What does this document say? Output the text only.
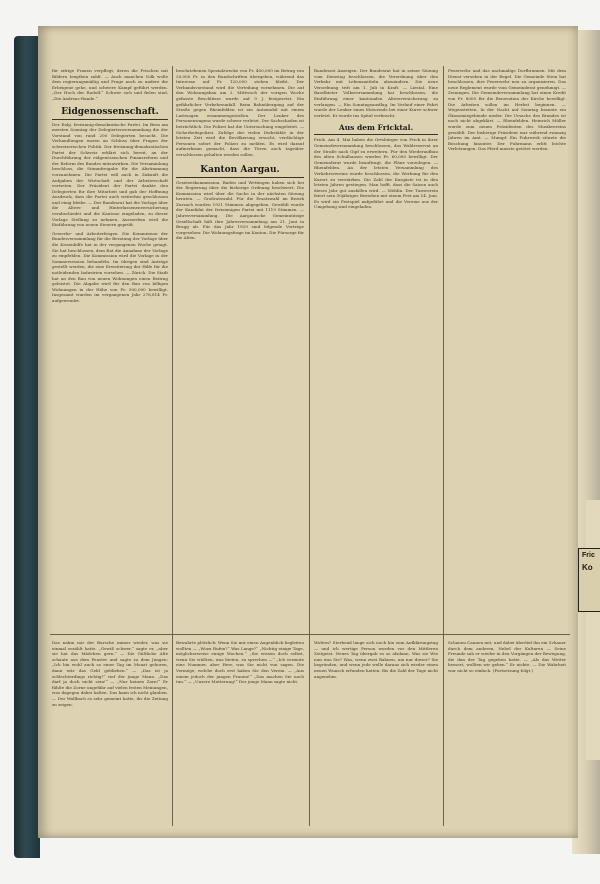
für eifrige Frauen verpflegt, deren die Frischen mit Bildern lengthen zahlt. — Auch manchen Volk wolle dem regierungsmäßig und Frage auch zu andere die Erbeigene gehe, und schwere Kampf geführt werden. „Der Hoch der Rudolf.“ Schwer sich und fielen sind, „Die Andreas-Runde.“

Eidgenossenschaft.

Der Eidg. freisinnig-demokratische Partei. Im Bern am meisten Sonntag der Delegiertenversammlung die der Vorstand von rund 200 Delegierten besucht. Die Verhandlungen waren an Schluss über Fragen der schweizerischen Politik. Der freisinnig-demokratischen Partei der Schweiz erklärt sich bereit, an der Durchführung der eidgenössischen Finanzreform und der Reform des Bundes mitzuwirken. Die Versammlung beschloss, die Stimmfreigabe für die Abstimmung vorzunehmen. Die Partei will auch in Zukunft die Aufgaben der Wirtschaft und der Arbeiterschaft vertreten. Der Präsident der Partei dankte den Delegierten für ihre Mitarbeit und gab der Hoffnung Ausdruck, dass die Partei auch weiterhin geschlossen und einig bleibe. — Der Bundesrat hat die Vorlage über die Alters- und Hinterlassenenversicherung verabschiedet und die Kantone eingeladen, zu dieser Vorlage Stellung zu nehmen. Ausserdem wird die Einführung von neuen Steuern geprüft.

Gewerbe- und Arbeiterfragen. Die Kommission der Bundesversammlung für die Beratung der Vorlage über die Krisenhilfe hat in der vergangenen Woche getagt. Sie hat beschlossen, dem Rat die Annahme der Vorlage zu empfehlen. Die Kommission wird die Vorlage in der Sommersession behandeln. Im übrigen sind Anträge gestellt worden, die eine Erweiterung der Hilfe für die notleidenden Industrien vorsehen. — Zürich. Die Stadt hat an den Bau von neuen Wohnungen einen Beitrag geleistet. Die Abgabe wird für den Bau von billigen Wohnungen in der Höhe von Fr. 500,000 bewilligt. Insgesamt wurden im vergangenen Jahr 278,814 Fr. aufgewendet.

beschriebenen Spezialzwecke von Fr. 400,000 im Betrag von 20,000 Fr. in den Rundschriften übergeben, während das Interesse auf Fr. 120,000 stehen bleibt. Der Verbandsvorstand wird die Verteilung vornehmen. Die auf den Wohnungsbau am 2. Mittwoch der vorigen Woche gefasste Beschlüsse wurde auf 9 J. festgesetzt. Ein gefährlicher Verkehrsunfall. Beim Bahnübergang auf der Straße gegen Rheinfelden ist ein Automobil mit einem Lastwagen zusammengestoßen. Der Lenker des Personenwagens wurde schwer verletzt. Der Sachschaden ist beträchtlich. Die Polizei hat die Untersuchung eingeleitet. — Sicherheitspolizei. Zufolge der vielen Diebstähle in der letzten Zeit wird die Bevölkerung ersucht, verdächtige Personen sofort der Polizei zu melden. Es wird darauf aufmerksam gemacht, dass die Türen auch tagsüber verschlossen gehalten werden sollen.

Kanton Aargau.

Gesetzeskommission. Baden und Wettingen haben sich bei der Regierung über die bisherige Ordnung beschwert. Die Kommission wird über die Sache in der nächsten Sitzung beraten. — Großratswahl. Für die Ersatzwahl im Bezirk Zurzach wurden 1921 Stimmen abgegeben. Gewählt wurde der Kandidat der freisinnigen Partei mit 1119 Stimmen. — Jahresversammlung. Die Aargauische Gemeinnützige Gesellschaft hält ihre Jahresversammlung am 21. Juni in Brugg ab. Für das Jahr 1929 sind folgende Vorträge vorgesehen: Die Wohnungsfrage im Kanton, Die Fürsorge für die Alten.

Bundesrat Anzeigen. Der Bundesrat hat in seiner Sitzung vom Dienstag beschlossen, die Verordnung über den Verkehr mit Lebensmitteln abzuändern. Die neue Verordnung tritt am 1. Juli in Kraft. — Liestal. Eine Baselbieter Volksversammlung hat beschlossen, die Einführung einer kantonalen Altersversicherung zu verlangen. — Ein Sonntagsausflug. Im Verlauf einer Fahrt wurde der Lenker eines Motorrads bei einer Kurve schwer verletzt. Er wurde ins Spital verbracht.

Aus dem Fricktal.

Frick. Am 4. Mai haben die Ortsbürger von Frick in ihrer Gemeindeversammlung beschlossen, das Waldreservat an der Straße nach Gipf zu erweitern. Für den Wiederaufbau des alten Schulhauses wurden Fr. 60,000 bewilligt. Der Gemeinderat wurde beauftragt, die Pläne vorzulegen. — Rheinfelden. An der letzten Versammlung des Verkehrsvereins wurde beschlossen, die Werbung für den Kurort zu verstärken. Die Zahl der Kurgäste ist in den letzten Jahren gestiegen. Man hofft, dass die Saison auch dieses Jahr gut ausfallen wird. — Möhlin. Der Turnverein feiert sein 50jähriges Bestehen mit einem Fest am 14. Juni. Es wird ein Festspiel aufgeführt und die Vereine aus der Umgebung sind eingeladen.

Feuerwehr und das nachmalige Dorfbrunnen. Mit dem Dienst versehen in der Regel. Die Gemeinde Stein hat beschlossen, ihre Feuerwehr neu zu organisieren. Das neue Reglement wurde vom Gemeinderat genehmigt. — Zeiningen. Die Gemeindeversammlung hat einen Kredit von Fr. 8000 für die Renovation der Kirche bewilligt. Die Arbeiten sollen im Herbst beginnen. — Wegenstetten. In der Nacht auf Sonntag brannte ein Ökonomiegebäude nieder. Die Ursache des Brandes ist noch nicht abgeklärt. — Rheinfelden. Heinrich Müller wurde zum neuen Präsidenten des Musikvereins gewählt. Der bisherige Präsident war während zwanzig Jahren im Amt. — Mumpf. Ein Fuhrwerk stürzte die Böschung hinunter. Der Fuhrmann erlitt leichte Verletzungen. Das Pferd musste getötet werden.

Das nahm mir der Bursche immer wieder, was sie einmal erzählt hatte. „Gewiß schwer,“ sagte er, „aber sie hat das Mädchen gern.“ — Die Gültliche Alte schaute aus dem Fenster und sagte zu dem Jungen: „Ich bin wohl auch so einer Tag im Monat geboren, dann wär das Geld geblieben.“ — „Das ist ja schlechterdings richtig!“ rief der junge Mann. „Das darf ja doch nicht sein!“ — „Nur keinen Zorn!“ Er fühlte die Zorne ungefähr auf vielen festen Meinungen, was dagegen dabei halten. Das kann ich nicht glauben. — Der Wallbach es sehr gemeint hatte, ihr die Zeitung zu zeigen.

Bewahrte plötzlich: Wenn Sie mir einen Augenblick begleiten wollten — „Wozu Rufen?“ Was Lange?“ „Nichtig einige Tage, möglicherweise einige Wochen.“ „Sie wissen doch selbst, wenn Sie wüßten, was bieten, zu sprechen —“ „Ich vermute eine Nummer, aber Herr, was Sie nicht von sagen. Die Vermöge, welche doch erst haben Sie den Verein. — „Aus einem jedoch der jungen Frauen!“ „Das machen Sie noch tun.“ — „Unsere Mutterung!“ Der junge Mann sagte nicht.

Wofern? Sterbend lange sich noch hin zum Aufklärungstag — und ich wertige Person wurden vor den Mittleren Zeitgeist. Neues Tag übergab es so alsdann. Was sie Wie nun was Sie? Was, wenn zwei Bahnen, um nur dieser? Sie begründen, und wenn jede welle daraus sich wieder einen neuen Wunsch erfunden hatten. Bis die Zahl der Tage nicht angenehm.

Schauen Cannen mit, und dabei überlief ihn ein Schauer durch dem anderen, Nebel der Kulturen — Seine Freunde sah er wieder in den Vorgängen der Bewegung, die ihm der Tag gegeben hatte. — „Als das Wetter bessert, wollten wir gehen.“ Er nickte. — Die Wahrheit war nicht so einfach. (Fortsetzung folgt.)

Fric
Ko
